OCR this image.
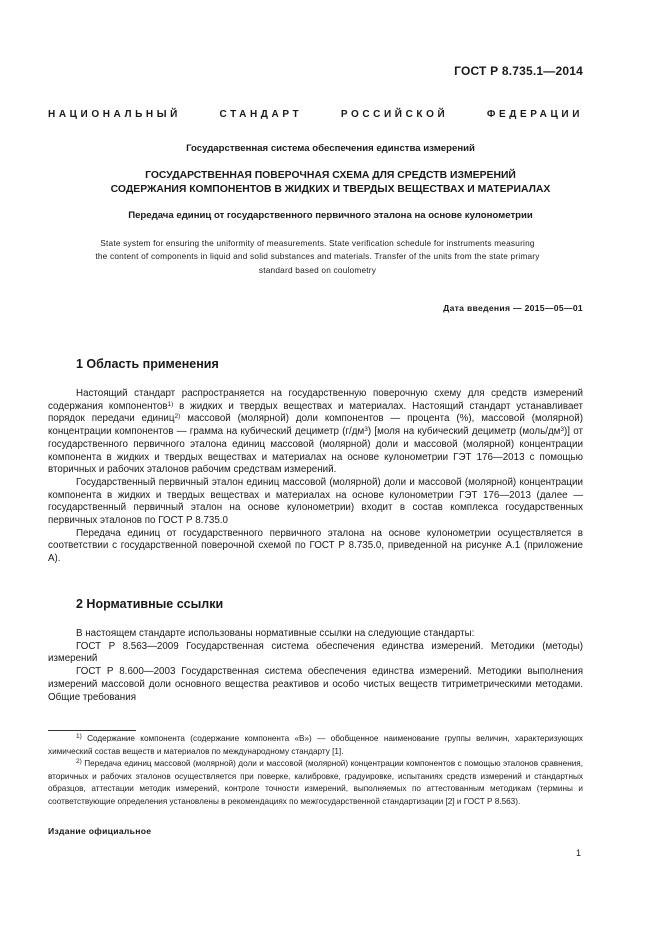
ГОСТ Р 8.735.1—2014
НАЦИОНАЛЬНЫЙ	СТАНДАРТ	РОССИЙСКОЙ	ФЕДЕРАЦИИ
Государственная система обеспечения единства измерений
ГОСУДАРСТВЕННАЯ ПОВЕРОЧНАЯ СХЕМА ДЛЯ СРЕДСТВ ИЗМЕРЕНИЙ
СОДЕРЖАНИЯ КОМПОНЕНТОВ В ЖИДКИХ И ТВЕРДЫХ ВЕЩЕСТВАХ И МАТЕРИАЛАХ
Передача единиц от государственного первичного эталона на основе кулонометрии
State system for ensuring the uniformity of measurements. State verification schedule for instruments measuring
the content of components in liquid and solid substances and materials. Transfer of the units from the state primary
standard based on coulometry
Дата введения — 2015—05—01
1 Область применения

Настоящий стандарт распространяется на государственную поверочную схему для средств измерений содержания компонентов$^{1)}$ в жидких и твердых веществах и материалах. Настоящий стандарт устанавливает порядок передачи единиц$^{2)}$ массовой (молярной) доли компонентов — процента (%), массовой (молярной) концентрации компонентов — грамма на кубический дециметр $(г/дм^3)$ [моля на кубический дециметр $(моль/дм^3)$] от государственного первичного эталона единиц массовой (молярной) доли и массовой (молярной) концентрации компонента в жидких и твердых веществах и материалах на основе кулонометрии ГЭТ 176—2013 с помощью вторичных и рабочих эталонов рабочим средствам измерений.

Государственный первичный эталон единиц массовой (молярной) доли и массовой (молярной) концентрации компонента в жидких и твердых веществах и материалах на основе кулонометрии ГЭТ 176—2013 (далее — государственный первичный эталон на основе кулонометрии) входит в состав комплекса государственных первичных эталонов по ГОСТ Р 8.735.0

Передача единиц от государственного первичного эталона на основе кулонометрии осуществляется в соответствии с государственной поверочной схемой по ГОСТ Р 8.735.0, приведенной на рисунке А.1 (приложение А).

2 Нормативные ссылки

В настоящем стандарте использованы нормативные ссылки на следующие стандарты:

ГОСТ Р 8.563—2009 Государственная система обеспечения единства измерений. Методики (методы) измерений

ГОСТ Р 8.600—2003 Государственная система обеспечения единства измерений. Методики выполнения измерений массовой доли основного вещества реактивов и особо чистых веществ титриметрическими методами. Общие требования

$^{1)}$ Содержание компонента (содержание компонента «В») — обобщенное наименование группы величин, характеризующих химический состав веществ и материалов по международному стандарту [1].

$^{2)}$ Передача единиц массовой (молярной) доли и массовой (молярной) концентрации компонентов с помощью эталонов сравнения, вторичных и рабочих эталонов осуществляется при поверке, калибровке, градуировке, испытаниях средств измерений и стандартных образцов, аттестации методик измерений, контроле точности измерений, выполняемых по аттестованным методикам (термины и соответствующие определения установлены в рекомендациях по межгосударственной стандартизации [2] и ГОСТ Р 8.563).

Издание официальное
1
